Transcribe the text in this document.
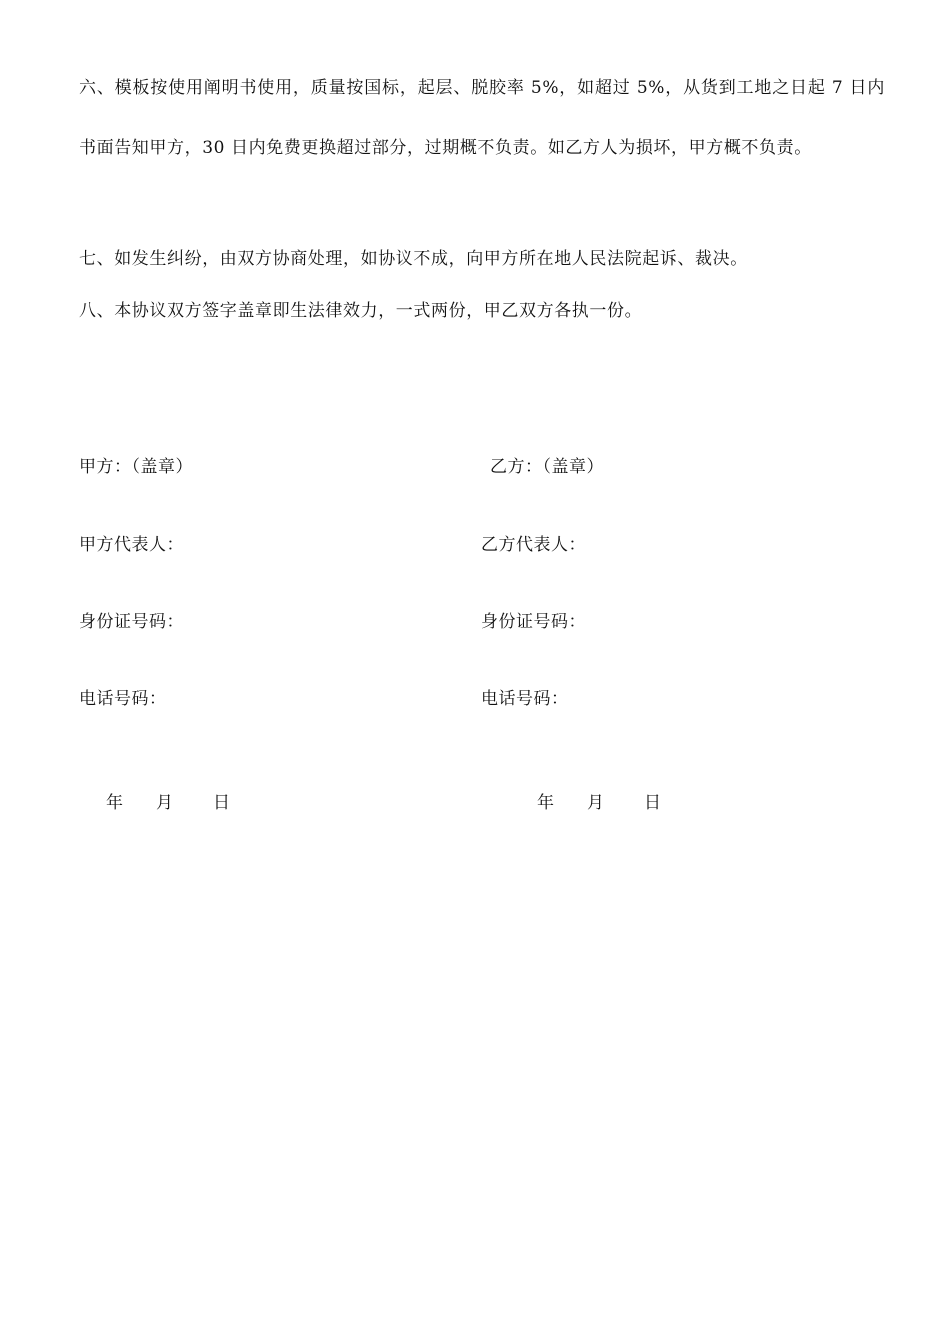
六、模板按使用阐明书使用，质量按国标，起层、脱胶率 5%，如超过 5%，从货到工地之日起 7 日内书面告知甲方，30 日内免费更换超过部分，过期概不负责。如乙方人为损坏，甲方概不负责。
七、如发生纠纷，由双方协商处理，如协议不成，向甲方所在地人民法院起诉、裁决。
八、本协议双方签字盖章即生法律效力，一式两份，甲乙双方各执一份。
甲方：（盖章）
甲方代表人：
身份证号码：
电话号码：
乙方：（盖章）
乙方代表人：
身份证号码：
电话号码：
年 月 日	年 月 日
